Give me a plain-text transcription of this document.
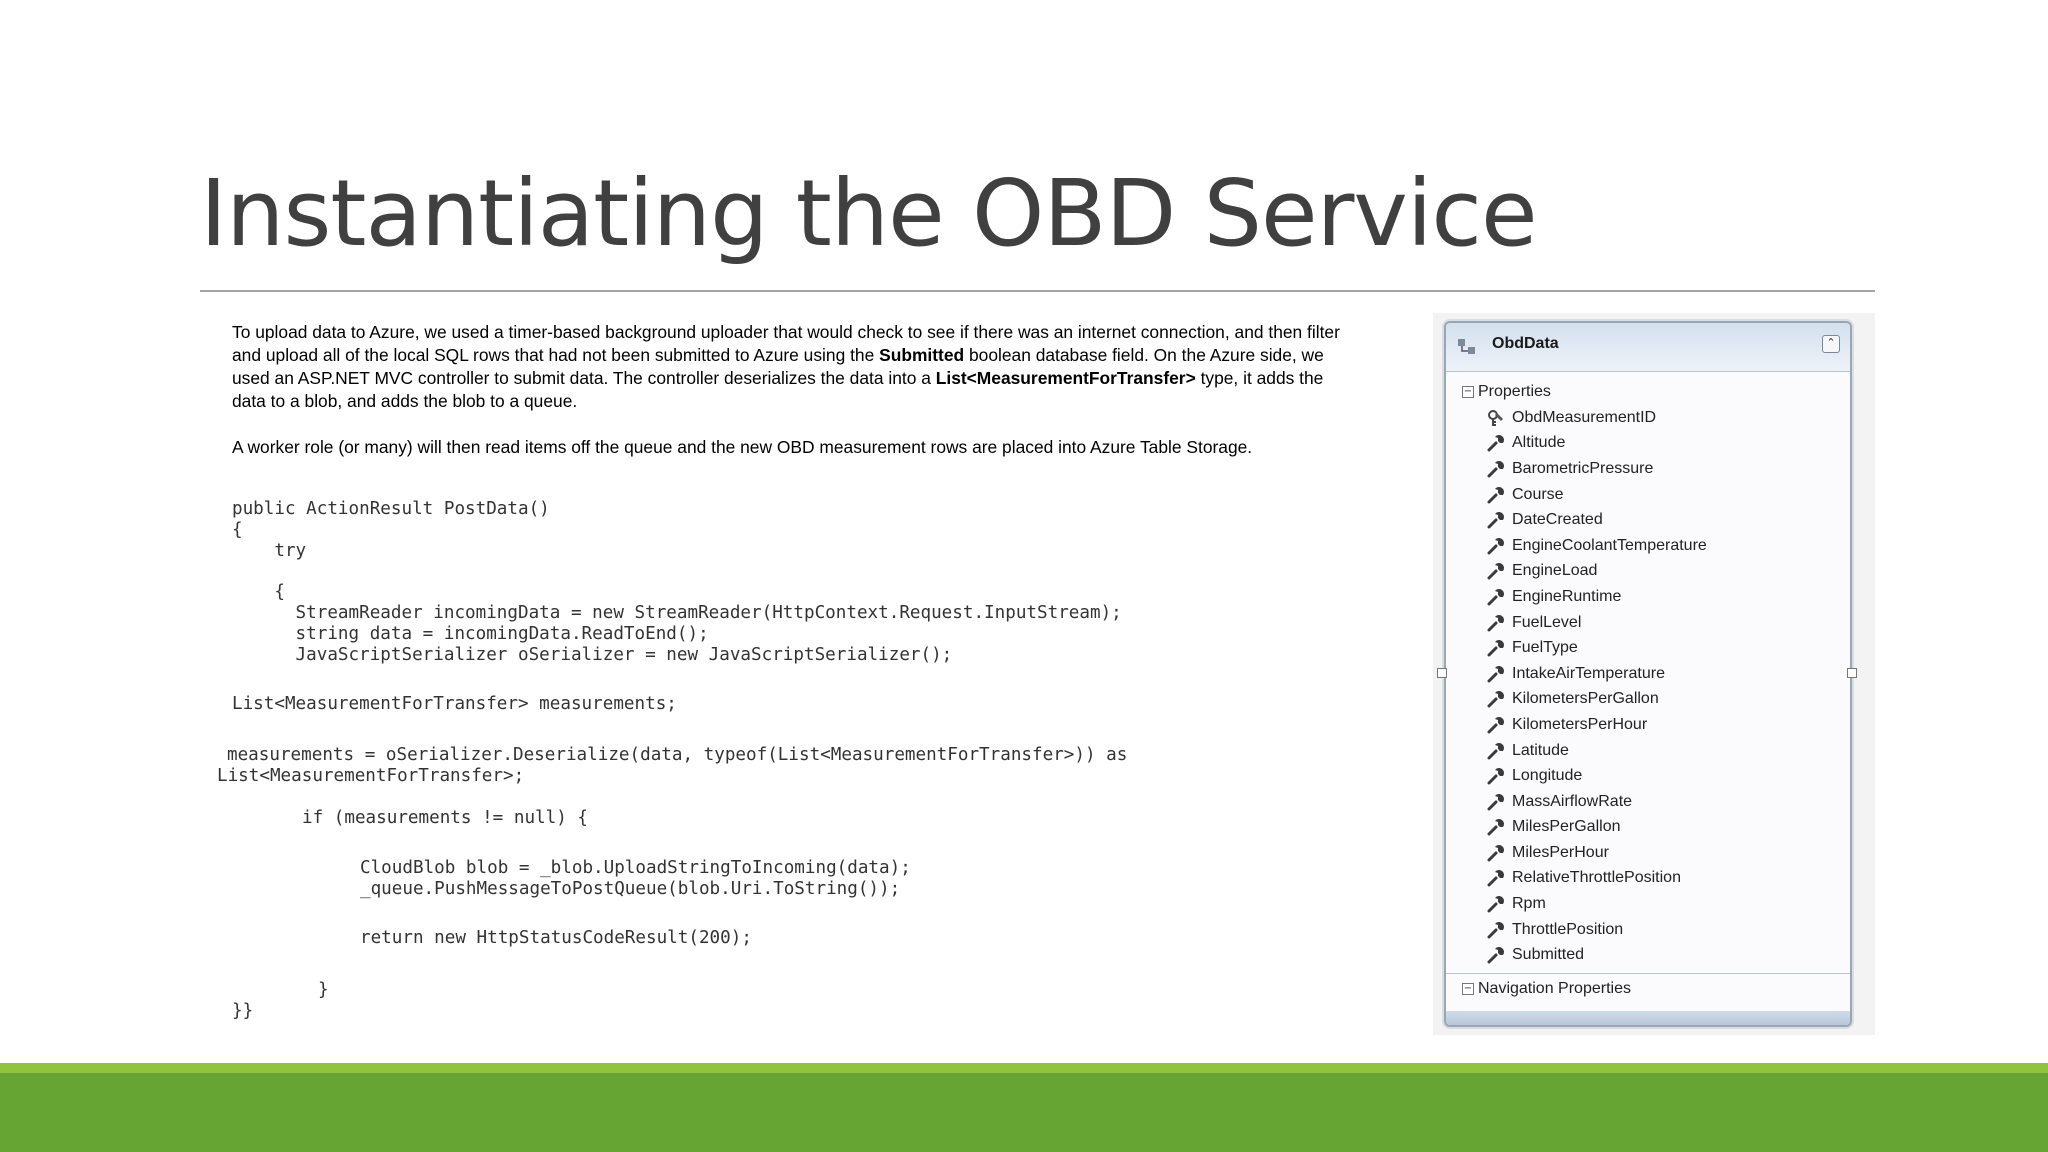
Instantiating the OBD Service

To upload data to Azure, we used a timer-based background uploader that would check to see if there was an internet connection, and then filter and upload all of the local SQL rows that had not been submitted to Azure using the Submitted boolean database field. On the Azure side, we used an ASP.NET MVC controller to submit data. The controller deserializes the data into a List<MeasurementForTransfer> type, it adds the data to a blob, and adds the blob to a queue.

A worker role (or many) will then read items off the queue and the new OBD measurement rows are placed into Azure Table Storage.

public ActionResult PostData()
{
try
{
StreamReader incomingData = new StreamReader(HttpContext.Request.InputStream);
string data = incomingData.ReadToEnd();
JavaScriptSerializer oSerializer = new JavaScriptSerializer();
List<MeasurementForTransfer> measurements;
measurements = oSerializer.Deserialize(data, typeof(List<MeasurementForTransfer>)) as
List<MeasurementForTransfer>;
if (measurements != null) {
CloudBlob blob = _blob.UploadStringToIncoming(data);
_queue.PushMessageToPostQueue(blob.Uri.ToString());
return new HttpStatusCodeResult(200);
}
}}
ObdData	⌃
− Properties
ObdMeasurementID
Altitude
BarometricPressure
Course
DateCreated
EngineCoolantTemperature
EngineLoad
EngineRuntime
FuelLevel
FuelType
IntakeAirTemperature
KilometersPerGallon
KilometersPerHour
Latitude
Longitude
MassAirflowRate
MilesPerGallon
MilesPerHour
RelativeThrottlePosition
Rpm
ThrottlePosition
Submitted
− Navigation Properties
